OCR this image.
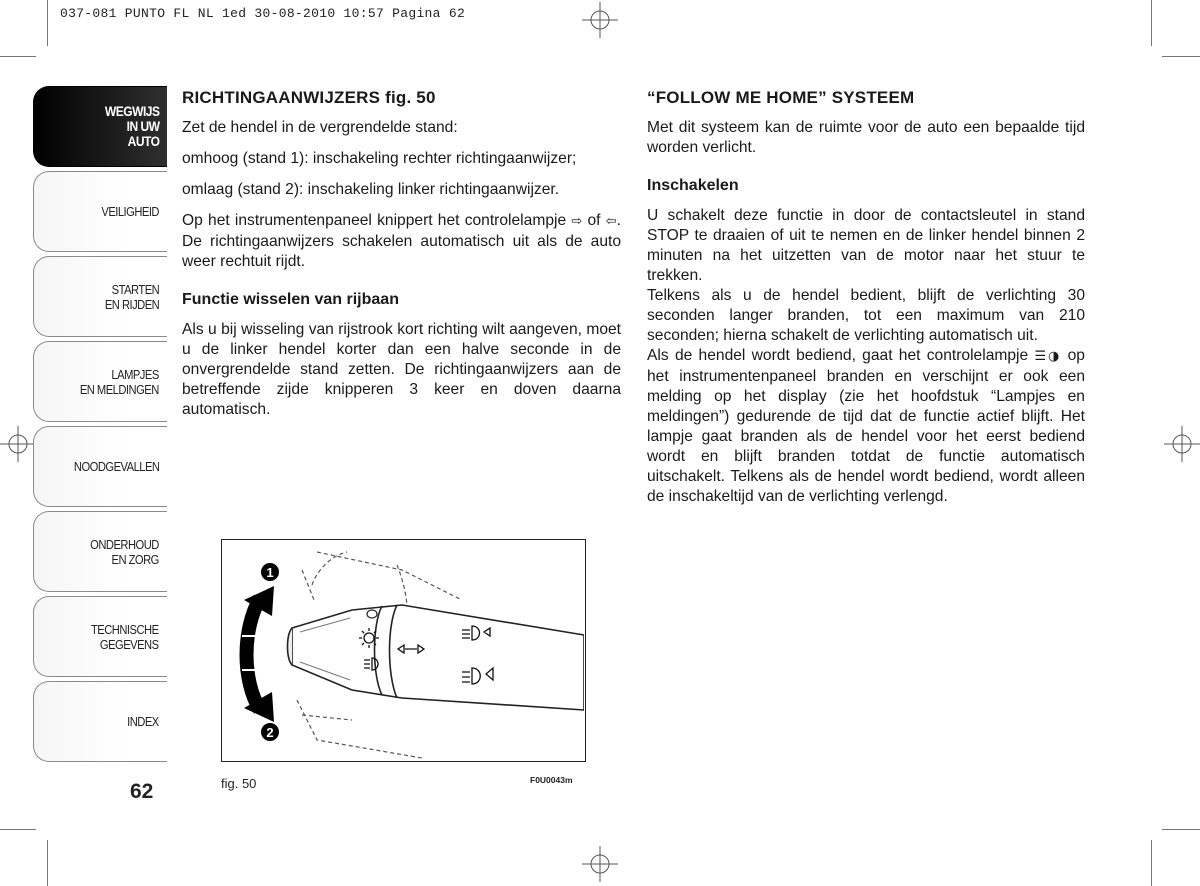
037-081 PUNTO FL NL 1ed 30-08-2010 10:57 Pagina 62
WEGWIJS
IN UW
AUTO
VEILIGHEID
STARTEN
EN RIJDEN
LAMPJES
EN MELDINGEN
NOODGEVALLEN
ONDERHOUD
EN ZORG
TECHNISCHE
GEGEVENS
INDEX
62
RICHTINGAANWIJZERS fig. 50

Zet de hendel in de vergrendelde stand:

omhoog (stand 1): inschakeling rechter richtingaanwijzer;

omlaag (stand 2): inschakeling linker richtingaanwijzer.

Op het instrumentenpaneel knippert het controlelampje ⇨ of ⇦. De richtingaanwijzers schakelen automatisch uit als de auto weer rechtuit rijdt.

Functie wisselen van rijbaan

Als u bij wisseling van rijstrook kort richting wilt aangeven, moet u de linker hendel korter dan een halve seconde in de onvergrendelde stand zetten. De richtingaanwijzers aan de betreffende zijde knipperen 3 keer en doven daarna automatisch.

“FOLLOW ME HOME” SYSTEEM

Met dit systeem kan de ruimte voor de auto een bepaalde tijd worden verlicht.

Inschakelen

U schakelt deze functie in door de contactsleutel in stand STOP te draaien of uit te nemen en de linker hendel binnen 2 minuten na het uitzetten van de motor naar het stuur te trekken.

Telkens als u de hendel bedient, blijft de verlichting 30 seconden langer branden, tot een maximum van 210 seconden; hierna schakelt de verlichting automatisch uit.

Als de hendel wordt bediend, gaat het controlelampje ☰◑ op het instrumentenpaneel branden en verschijnt er ook een melding op het display (zie het hoofdstuk “Lampjes en meldingen”) gedurende de tijd dat de functie actief blijft. Het lampje gaat branden als de hendel voor het eerst bediend wordt en blijft branden totdat de functie automatisch uitschakelt. Telkens als de hendel wordt bediend, wordt alleen de inschakeltijd van de verlichting verlengd.

1
2
fig. 50	F0U0043m
